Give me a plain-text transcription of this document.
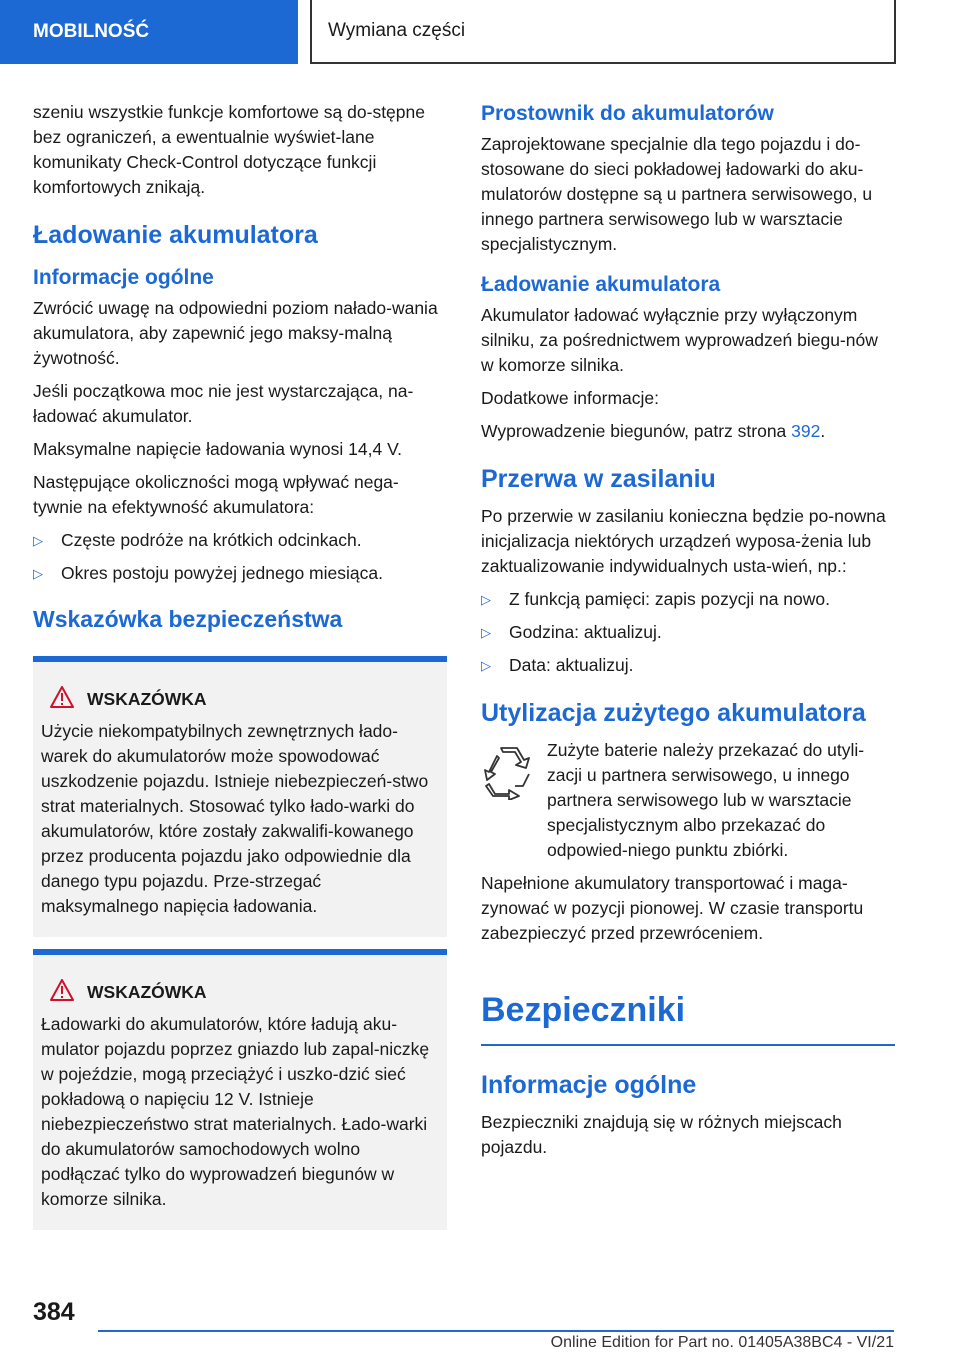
MOBILNOŚĆ	Wymiana części

szeniu wszystkie funkcje komfortowe są do-stępne bez ograniczeń, a ewentualnie wyświet-lane komunikaty Check-Control dotyczące funkcji komfortowych znikają.

Ładowanie akumulatora
Informacje ogólne

Zwrócić uwagę na odpowiedni poziom nałado-wania akumulatora, aby zapewnić jego maksy-malną żywotność.

Jeśli początkowa moc nie jest wystarczająca, na-ładować akumulator.

Maksymalne napięcie ładowania wynosi 14,4 V.

Następujące okoliczności mogą wpływać nega-tywnie na efektywność akumulatora:

▷ Częste podróże na krótkich odcinkach.
▷ Okres postoju powyżej jednego miesiąca.
Wskazówka bezpieczeństwa
WSKAZÓWKA

Użycie niekompatybilnych zewnętrznych łado-warek do akumulatorów może spowodować uszkodzenie pojazdu. Istnieje niebezpieczeń-stwo strat materialnych. Stosować tylko łado-warki do akumulatorów, które zostały zakwalifi-kowanego przez producenta pojazdu jako odpowiednie dla danego typu pojazdu. Prze-strzegać maksymalnego napięcia ładowania.

WSKAZÓWKA

Ładowarki do akumulatorów, które ładują aku-mulator pojazdu poprzez gniazdo lub zapal-niczkę w pojeździe, mogą przeciążyć i uszko-dzić sieć pokładową o napięciu 12 V. Istnieje niebezpieczeństwo strat materialnych. Łado-warki do akumulatorów samochodowych wolno podłączać tylko do wyprowadzeń biegunów w komorze silnika.

Prostownik do akumulatorów

Zaprojektowane specjalnie dla tego pojazdu i do-stosowane do sieci pokładowej ładowarki do aku-mulatorów dostępne są u partnera serwisowego, u innego partnera serwisowego lub w warsztacie specjalistycznym.

Ładowanie akumulatora

Akumulator ładować wyłącznie przy wyłączonym silniku, za pośrednictwem wyprowadzeń biegu-nów w komorze silnika.

Dodatkowe informacje:

Wyprowadzenie biegunów, patrz strona 392.

Przerwa w zasilaniu

Po przerwie w zasilaniu konieczna będzie po-nowna inicjalizacja niektórych urządzeń wyposa-żenia lub zaktualizowanie indywidualnych usta-wień, np.:

▷ Z funkcją pamięci: zapis pozycji na nowo.
▷ Godzina: aktualizuj.
▷ Data: aktualizuj.
Utylizacja zużytego akumulatora

Zużyte baterie należy przekazać do utyli-zacji u partnera serwisowego, u innego partnera serwisowego lub w warsztacie specjalistycznym albo przekazać do odpowied-niego punktu zbiórki.

Napełnione akumulatory transportować i maga-zynować w pozycji pionowej. W czasie transportu zabezpieczyć przed przewróceniem.

Bezpieczniki
Informacje ogólne

Bezpieczniki znajdują się w różnych miejscach pojazdu.

384
Online Edition for Part no. 01405A38BC4 - VI/21
